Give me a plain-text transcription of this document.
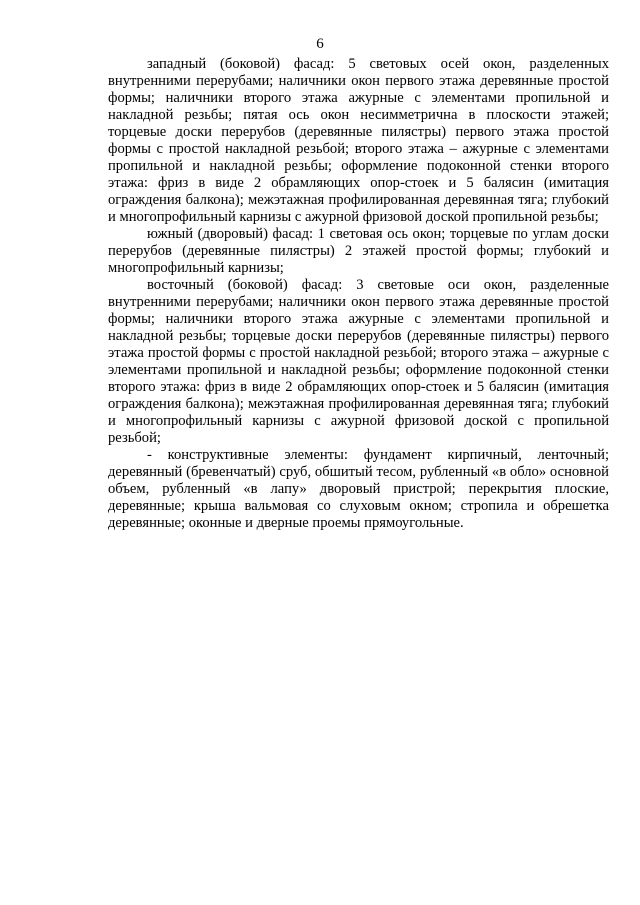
6

западный (боковой) фасад: 5 световых осей окон, разделенных внутренними перерубами; наличники окон первого этажа деревянные простой формы; наличники второго этажа ажурные с элементами пропильной и накладной резьбы; пятая ось окон несимметрична в плоскости этажей; торцевые доски перерубов (деревянные пилястры) первого этажа простой формы с простой накладной резьбой; второго этажа – ажурные с элементами пропильной и накладной резьбы; оформление подоконной стенки второго этажа: фриз в виде 2 обрамляющих опор-стоек и 5 балясин (имитация ограждения балкона); межэтажная профилированная деревянная тяга; глубокий и многопрофильный карнизы с ажурной фризовой доской пропильной резьбы;

южный (дворовый) фасад: 1 световая ось окон; торцевые по углам доски перерубов (деревянные пилястры) 2 этажей простой формы; глубокий и многопрофильный карнизы;

восточный (боковой) фасад: 3 световые оси окон, разделенные внутренними перерубами; наличники окон первого этажа деревянные простой формы; наличники второго этажа ажурные с элементами пропильной и накладной резьбы; торцевые доски перерубов (деревянные пилястры) первого этажа простой формы с простой накладной резьбой; второго этажа – ажурные с элементами пропильной и накладной резьбы; оформление подоконной стенки второго этажа: фриз в виде 2 обрамляющих опор-стоек и 5 балясин (имитация ограждения балкона); межэтажная профилированная деревянная тяга; глубокий и многопрофильный карнизы с ажурной фризовой доской с пропильной резьбой;

- конструктивные элементы: фундамент кирпичный, ленточный; деревянный (бревенчатый) сруб, обшитый тесом, рубленный «в обло» основной объем, рубленный «в лапу» дворовый пристрой; перекрытия плоские, деревянные; крыша вальмовая со слуховым окном; стропила и обрешетка деревянные; оконные и дверные проемы прямоугольные.
